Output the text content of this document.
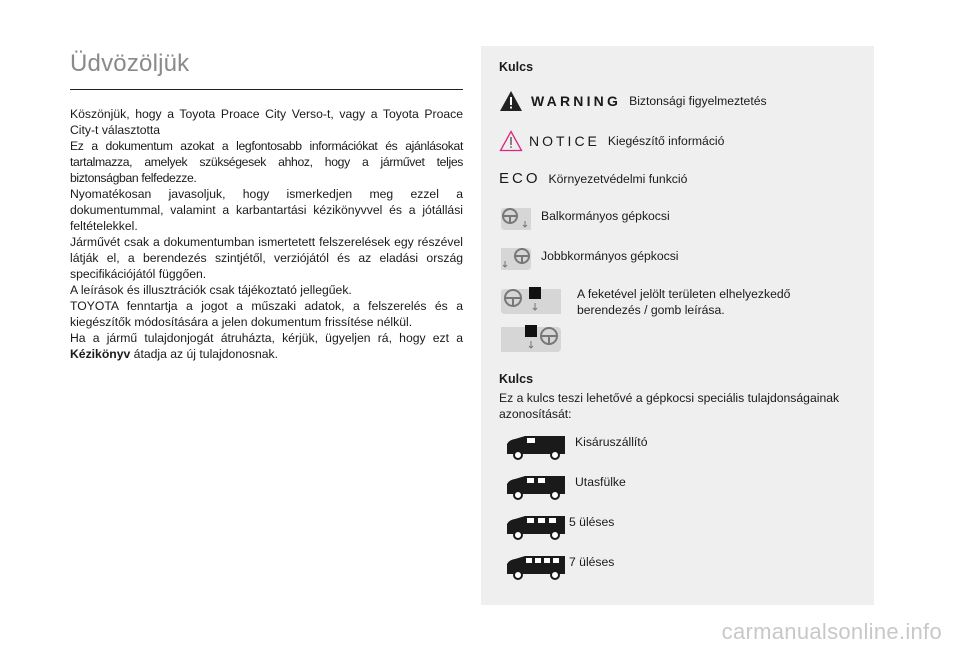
Üdvözöljük

Köszönjük, hogy a Toyota Proace City Verso-t, vagy a Toyota Proace City-t választotta

Ez a dokumentum azokat a legfontosabb információkat és ajánlásokat tartalmazza, amelyek szükségesek ahhoz, hogy a járművet teljes biztonságban felfedezze.

Nyomatékosan javasoljuk, hogy ismerkedjen meg ezzel a dokumentummal, valamint a karbantartási kézikönyvvel és a jótállási feltételekkel.

Járművét csak a dokumentumban ismertetett felszerelések egy részével látják el, a berendezés szintjétől, verziójától és az eladási ország specifikációjától függően.

A leírások és illusztrációk csak tájékoztató jellegűek.

TOYOTA fenntartja a jogot a műszaki adatok, a felszerelés és a kiegészítők módosítására a jelen dokumentum frissítése nélkül.

Ha a jármű tulajdonjogát átruházta, kérjük, ügyeljen rá, hogy ezt a Kézikönyv átadja az új tulajdonosnak.

Kulcs
WARNING Biztonsági figyelmeztetés
NOTICE Kiegészítő információ
ECO Környezetvédelmi funkció
Balkormányos gépkocsi
Jobbkormányos gépkocsi
A feketével jelölt területen elhelyezkedő berendezés / gomb leírása.
Kulcs
Ez a kulcs teszi lehetővé a gépkocsi speciális tulajdonságainak azonosítását:
Kisáruszállító
Utasfülke
5 üléses
7 üléses
carmanualsonline.info
